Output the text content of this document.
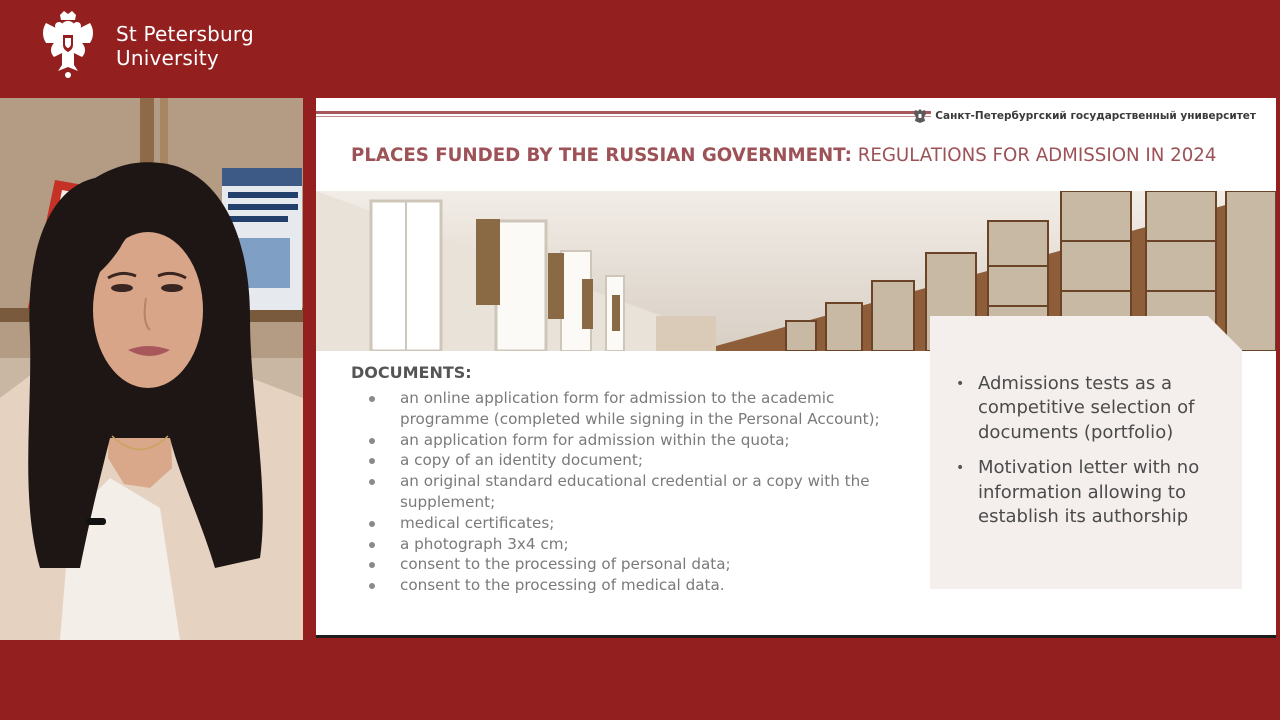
St Petersburg
University
Санкт-Петербургский государственный университет
PLACES FUNDED BY THE RUSSIAN GOVERNMENT: REGULATIONS FOR ADMISSION IN 2024
DOCUMENTS:
an online application form for admission to the academic programme (completed while signing in the Personal Account);
an application form for admission within the quota;
a copy of an identity document;
an original standard educational credential or a copy with the supplement;
medical certificates;
a photograph 3x4 cm;
consent to the processing of personal data;
consent to the processing of medical data.
• Admissions tests as a competitive selection of documents (portfolio)
• Motivation letter with no information allowing to establish its authorship
